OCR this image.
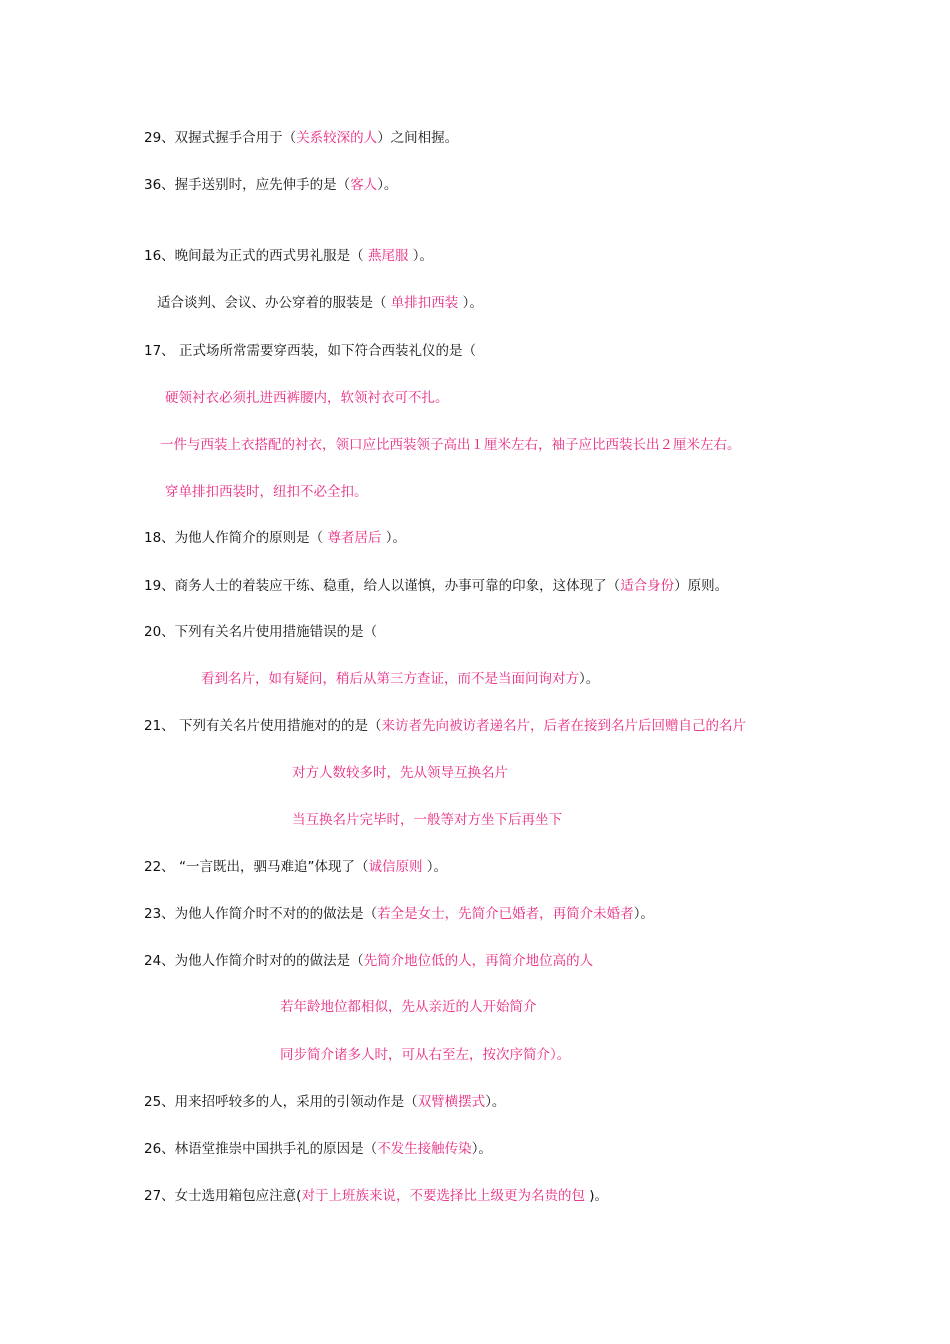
29、双握式握手合用于（关系较深的人）之间相握。
36、握手送别时，应先伸手的是（客人）。
16、晚间最为正式的西式男礼服是（ 燕尾服 ）。
适合谈判、会议、办公穿着的服装是（ 单排扣西装 ）。
17、 正式场所常需要穿西装，如下符合西装礼仪的是（
硬领衬衣必须扎进西裤腰内，软领衬衣可不扎。
一件与西装上衣搭配的衬衣，领口应比西装领子高出１厘米左右，袖子应比西装长出２厘米左右。
穿单排扣西装时，纽扣不必全扣。
18、为他人作简介的原则是（ 尊者居后 ）。
19、商务人士的着装应干练、稳重，给人以谨慎，办事可靠的印象，这体现了（适合身份）原则。
20、下列有关名片使用措施错误的是（
看到名片，如有疑问，稍后从第三方查证，而不是当面问询对方）。
21、 下列有关名片使用措施对的的是（来访者先向被访者递名片，后者在接到名片后回赠自己的名片
对方人数较多时，先从领导互换名片
当互换名片完毕时，一般等对方坐下后再坐下
22、 “一言既出，驷马难追”体现了（诚信原则 ）。
23、为他人作简介时不对的的做法是（若全是女士，先简介已婚者，再简介未婚者）。
24、为他人作简介时对的的做法是（先简介地位低的人，再简介地位高的人
若年龄地位都相似，先从亲近的人开始简介
同步简介诸多人时，可从右至左，按次序简介）。
25、用来招呼较多的人，采用的引领动作是（双臂横摆式）。
26、林语堂推崇中国拱手礼的原因是（不发生接触传染）。
27、女士选用箱包应注意(对于上班族来说，不要选择比上级更为名贵的包 )。
